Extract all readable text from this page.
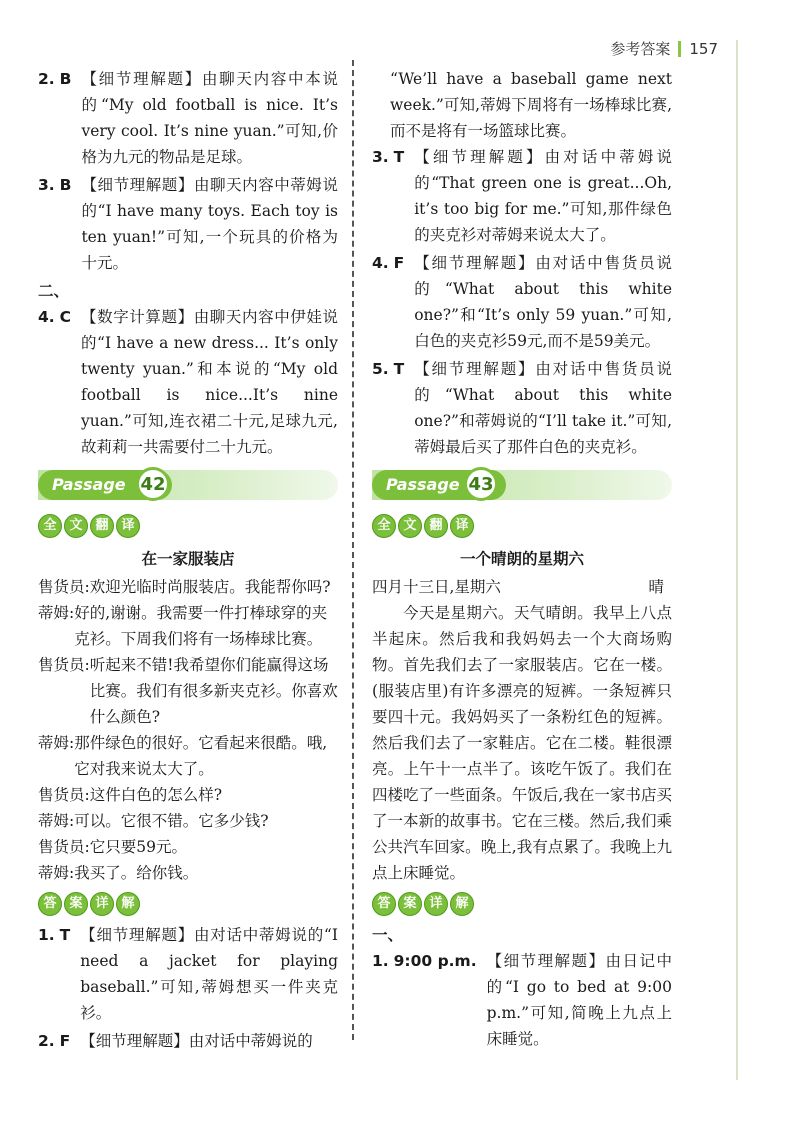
参考答案 157
2.
B 【细节理解题】由聊天内容中本说的“My old football is nice. It’s very cool. It’s nine yuan.”可知,价格为九元的物品是足球。
3.
B 【细节理解题】由聊天内容中蒂姆说的“I have many toys. Each toy is ten yuan!”可知,一个玩具的价格为十元。
二、
4.
C 【数字计算题】由聊天内容中伊娃说的“I have a new dress... It’s only twenty yuan.”和本说的“My old football is nice...It’s nine yuan.”可知,连衣裙二十元,足球九元,故莉莉一共需要付二十九元。
Passage 42
全 文 翻 译
在一家服装店
售货员: 欢迎光临时尚服装店。我能帮你吗?
蒂姆: 好的,谢谢。我需要一件打棒球穿的夹克衫。下周我们将有一场棒球比赛。
售货员: 听起来不错!我希望你们能赢得这场比赛。我们有很多新夹克衫。你喜欢什么颜色?
蒂姆: 那件绿色的很好。它看起来很酷。哦,它对我来说太大了。
售货员: 这件白色的怎么样?
蒂姆: 可以。它很不错。它多少钱?
售货员: 它只要59元。
蒂姆: 我买了。给你钱。
答 案 详 解
1.
T 【细节理解题】由对话中蒂姆说的“I need a jacket for playing baseball.”可知,蒂姆想买一件夹克衫。
2.
F 【细节理解题】由对话中蒂姆说的
“We’ll have a baseball game next week.”可知,蒂姆下周将有一场棒球比赛,而不是将有一场篮球比赛。
3.
T 【细节理解题】由对话中蒂姆说的“That green one is great...Oh, it’s too big for me.”可知,那件绿色的夹克衫对蒂姆来说太大了。
4.
F 【细节理解题】由对话中售货员说的“What about this white one?”和“It’s only 59 yuan.”可知,白色的夹克衫59元,而不是59美元。
5.
T 【细节理解题】由对话中售货员说的“What about this white one?”和蒂姆说的“I’ll take it.”可知,蒂姆最后买了那件白色的夹克衫。
Passage 43
全 文 翻 译
一个晴朗的星期六
四月十三日,星期六	晴
今天是星期六。天气晴朗。我早上八点半起床。然后我和我妈妈去一个大商场购物。首先我们去了一家服装店。它在一楼。(服装店里)有许多漂亮的短裤。一条短裤只要四十元。我妈妈买了一条粉红色的短裤。然后我们去了一家鞋店。它在二楼。鞋很漂亮。上午十一点半了。该吃午饭了。我们在四楼吃了一些面条。午饭后,我在一家书店买了一本新的故事书。它在三楼。然后,我们乘公共汽车回家。晚上,我有点累了。我晚上九点上床睡觉。
答 案 详 解
一、
1.
9:00 p.m. 【细节理解题】由日记中的“I go to bed at 9:00 p.m.”可知,简晚上九点上床睡觉。
